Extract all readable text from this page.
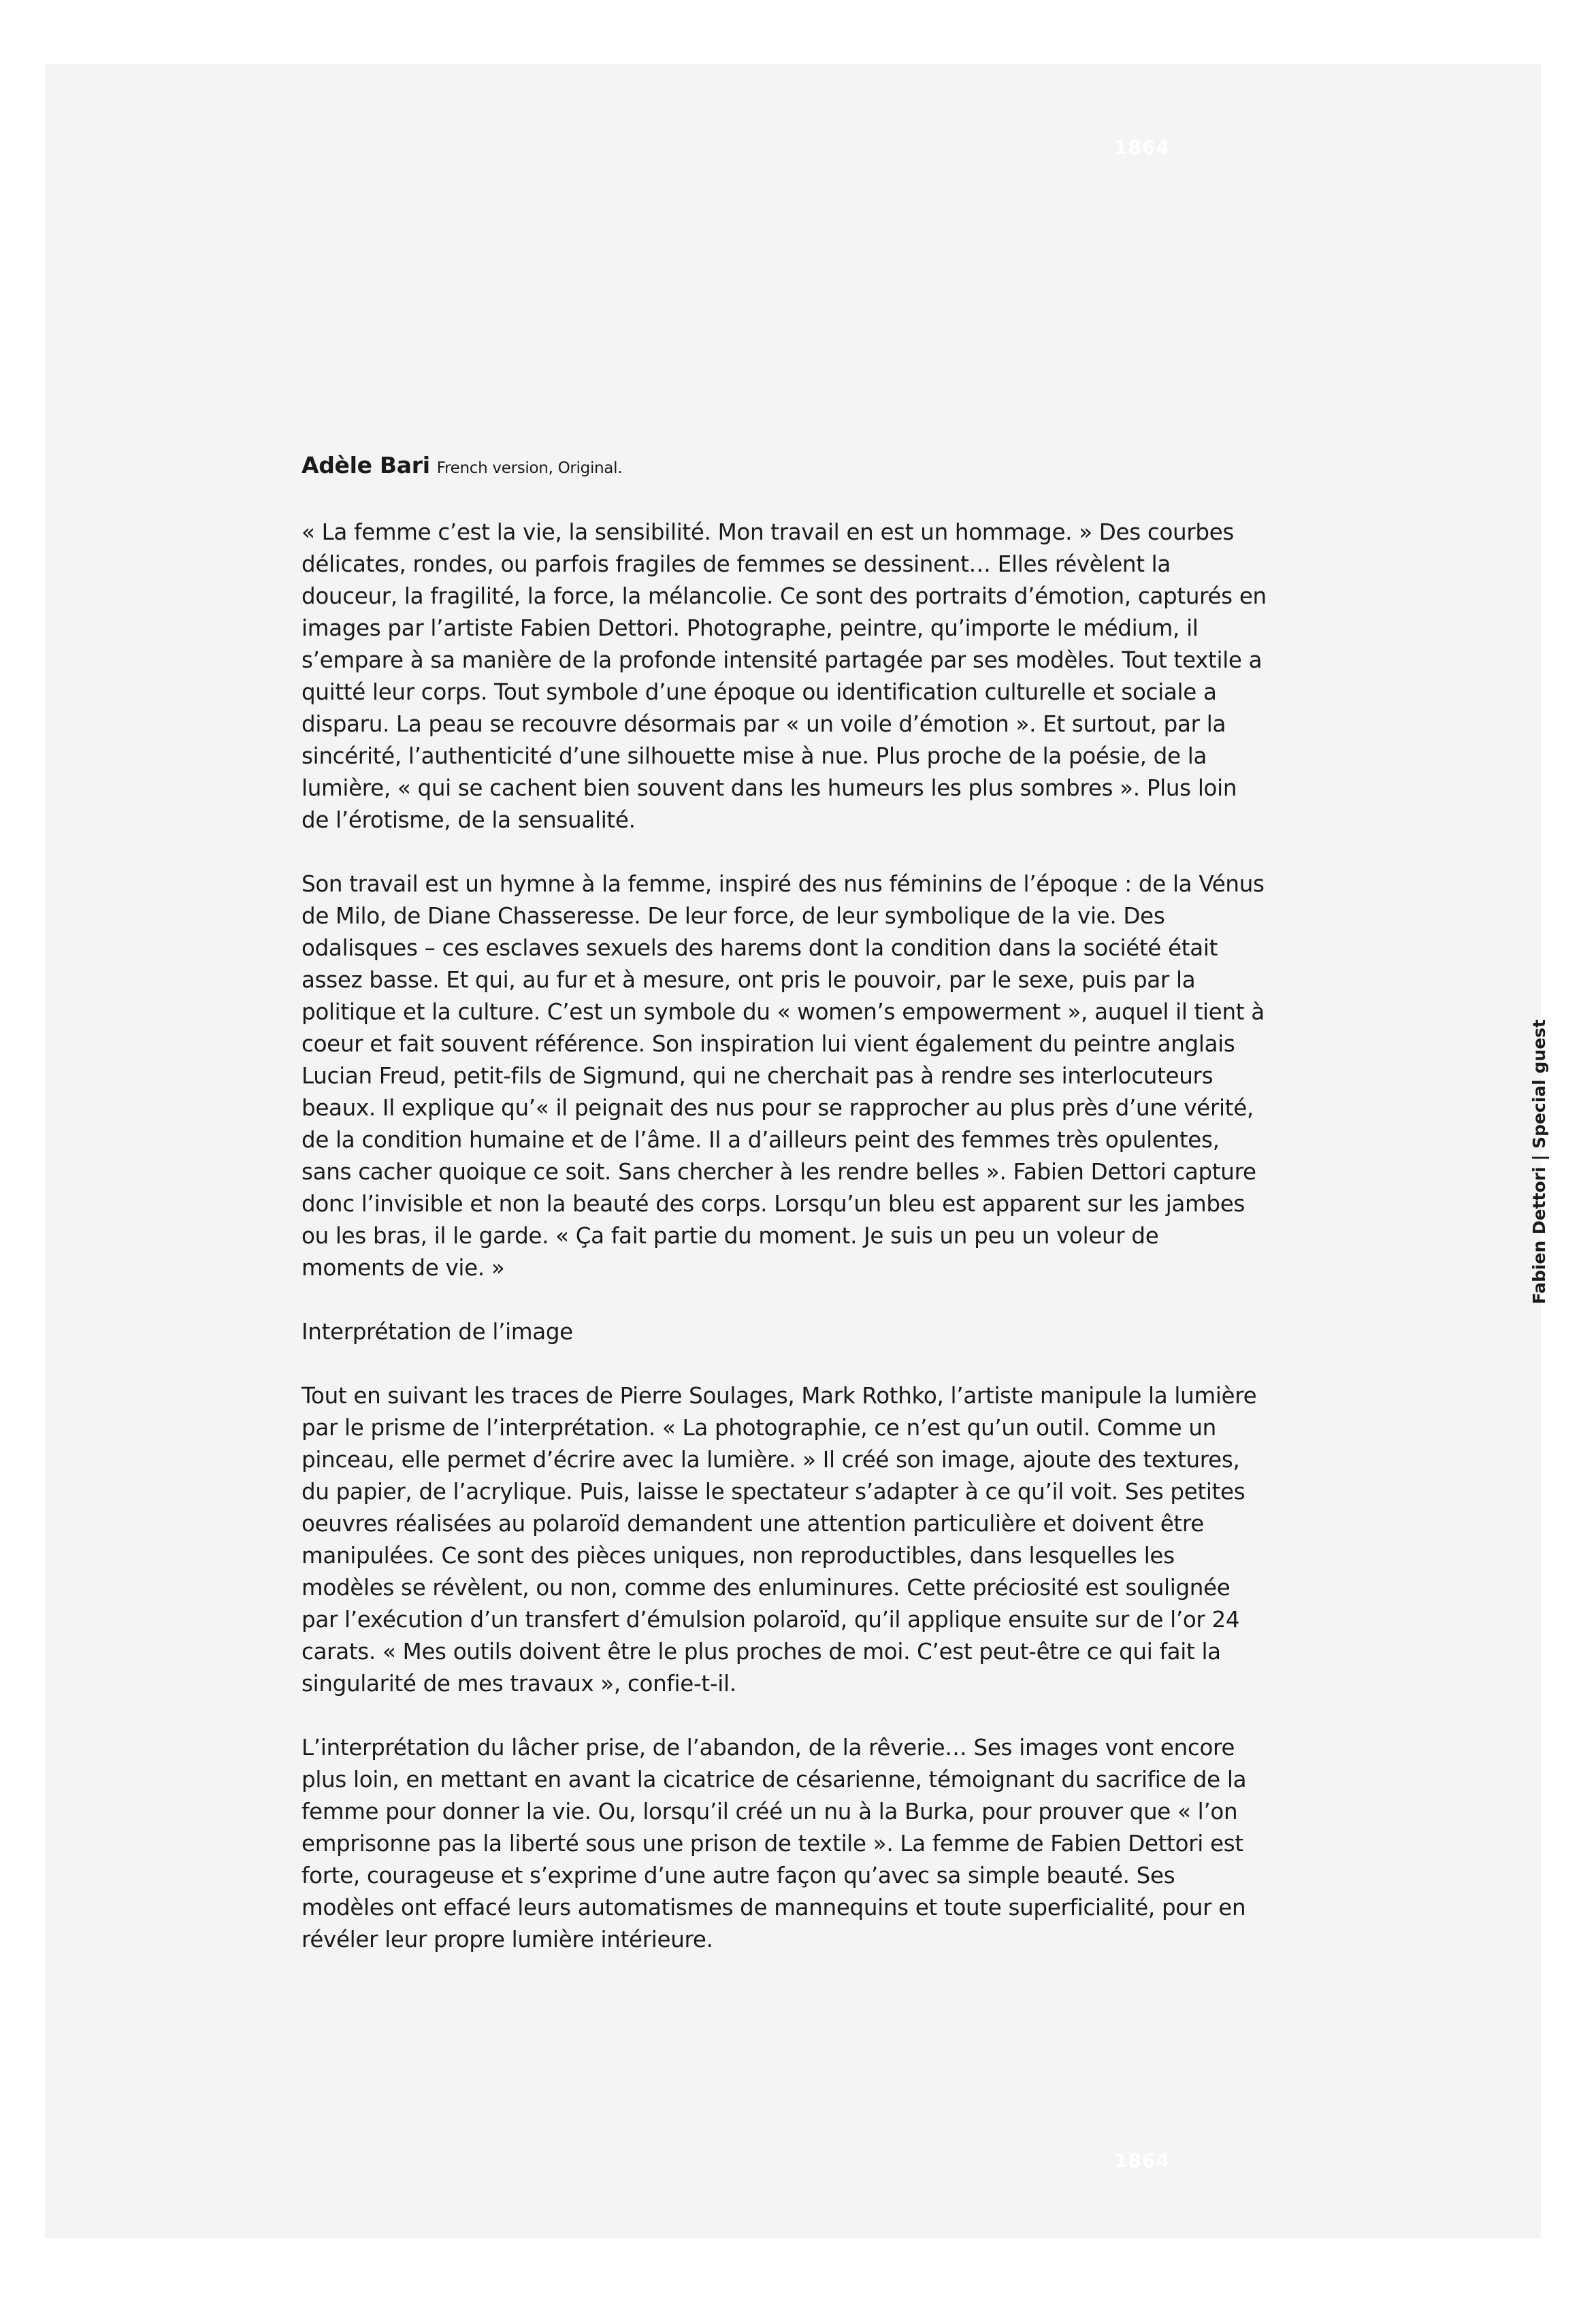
1864
Adèle Bari French version, Original.

« La femme c’est la vie, la sensibilité. Mon travail en est un hommage. » Des courbes délicates, rondes, ou parfois fragiles de femmes se dessinent… Elles révèlent la douceur, la fragilité, la force, la mélancolie. Ce sont des portraits d’émotion, capturés en images par l’artiste Fabien Dettori. Photographe, peintre, qu’importe le médium, il s’empare à sa manière de la profonde intensité partagée par ses modèles. Tout textile a quitté leur corps. Tout symbole d’une époque ou identification culturelle et sociale a disparu. La peau se recouvre désormais par « un voile d’émotion ». Et surtout, par la sincérité, l’authenticité d’une silhouette mise à nue. Plus proche de la poésie, de la lumière, « qui se cachent bien souvent dans les humeurs les plus sombres ». Plus loin de l’érotisme, de la sensualité.

Son travail est un hymne à la femme, inspiré des nus féminins de l’époque : de la Vénus de Milo, de Diane Chasseresse. De leur force, de leur symbolique de la vie. Des odalisques – ces esclaves sexuels des harems dont la condition dans la société était assez basse. Et qui, au fur et à mesure, ont pris le pouvoir, par le sexe, puis par la politique et la culture. C’est un symbole du « women’s empowerment », auquel il tient à coeur et fait souvent référence. Son inspiration lui vient également du peintre anglais Lucian Freud, petit-fils de Sigmund, qui ne cherchait pas à rendre ses interlocuteurs beaux. Il explique qu’« il peignait des nus pour se rapprocher au plus près d’une vérité, de la condition humaine et de l’âme. Il a d’ailleurs peint des femmes très opulentes, sans cacher quoique ce soit. Sans chercher à les rendre belles ». Fabien Dettori capture donc l’invisible et non la beauté des corps. Lorsqu’un bleu est apparent sur les jambes ou les bras, il le garde. « Ça fait partie du moment. Je suis un peu un voleur de moments de vie. »

Interprétation de l’image

Tout en suivant les traces de Pierre Soulages, Mark Rothko, l’artiste manipule la lumière par le prisme de l’interprétation. « La photographie, ce n’est qu’un outil. Comme un pinceau, elle permet d’écrire avec la lumière. » Il créé son image, ajoute des textures, du papier, de l’acrylique. Puis, laisse le spectateur s’adapter à ce qu’il voit. Ses petites oeuvres réalisées au polaroïd demandent une attention particulière et doivent être manipulées. Ce sont des pièces uniques, non reproductibles, dans lesquelles les modèles se révèlent, ou non, comme des enluminures. Cette préciosité est soulignée par l’exécution d’un transfert d’émulsion polaroïd, qu’il applique ensuite sur de l’or 24 carats. « Mes outils doivent être le plus proches de moi. C’est peut-être ce qui fait la singularité de mes travaux », confie-t-il.

L’interprétation du lâcher prise, de l’abandon, de la rêverie… Ses images vont encore plus loin, en mettant en avant la cicatrice de césarienne, témoignant du sacrifice de la femme pour donner la vie. Ou, lorsqu’il créé un nu à la Burka, pour prouver que « l’on emprisonne pas la liberté sous une prison de textile ». La femme de Fabien Dettori est forte, courageuse et s’exprime d’une autre façon qu’avec sa simple beauté. Ses modèles ont effacé leurs automatismes de mannequins et toute superficialité, pour en révéler leur propre lumière intérieure.

Fabien Dettori | Special guest
1864
